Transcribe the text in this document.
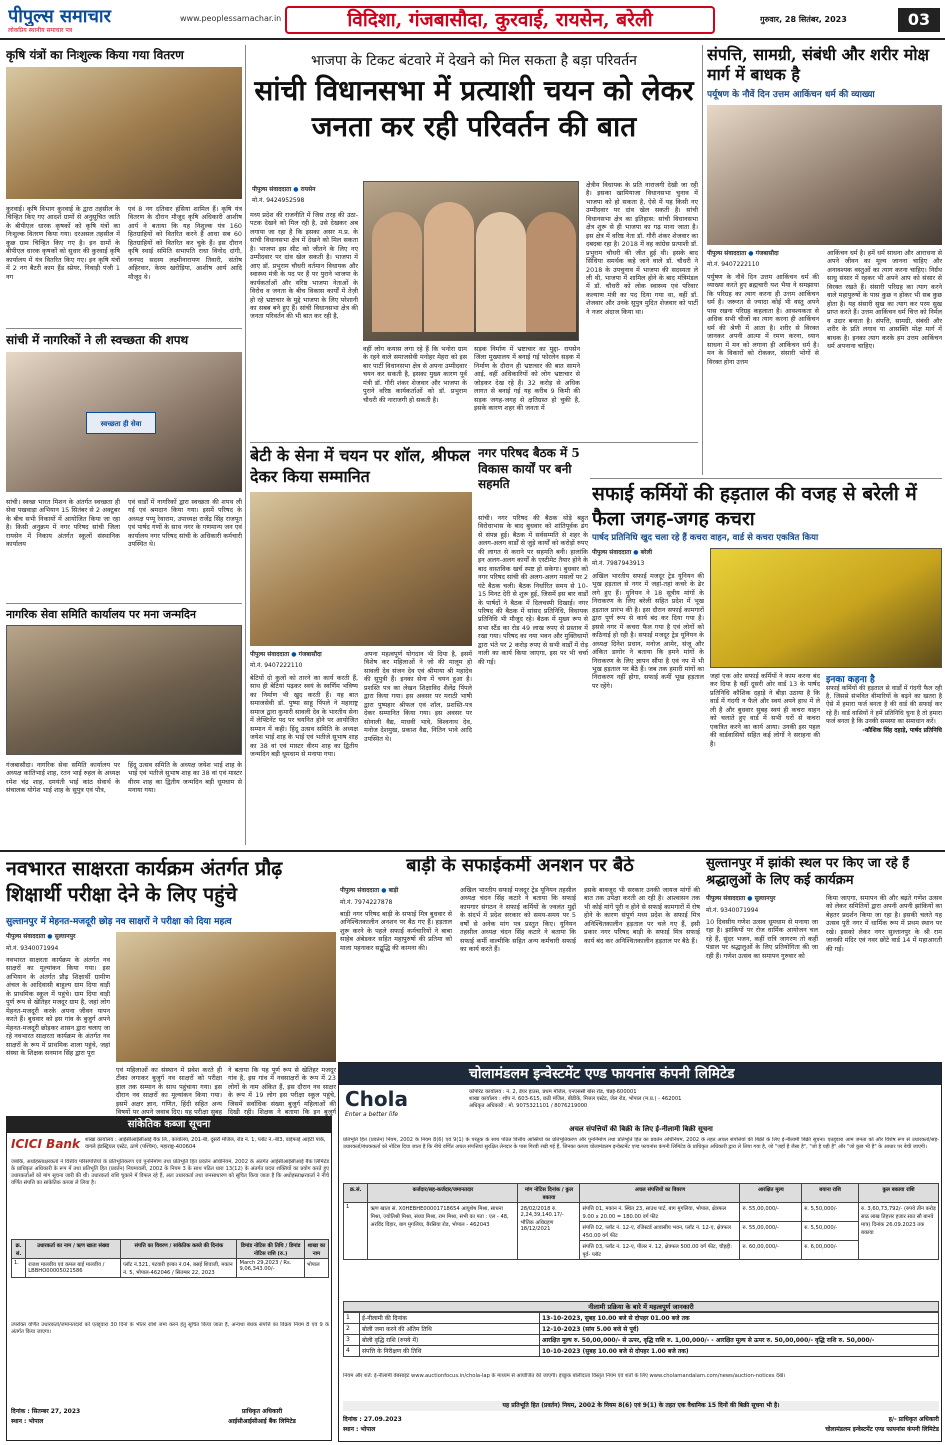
पीपुल्स समाचार
लोकप्रिय स्थानीय समाचार पत्र
www.peoplessamachar.in	विदिशा, गंजबासौदा, कुरवाई, रायसेन, बरेली	गुरुवार, 28 सितंबर, 2023	03
कृषि यंत्रों का निःशुल्क किया गया वितरण
कुरवाई। कृषि विभाग कुरवाई के द्वारा तहसील के चिन्हित किए गए आदर्श ग्रामों से अनुसूचित जाति के बीपीएल धारक कृषकों को कृषि यंत्रों का निःशुल्क वितरण किया गया। दरअसल तहसील में कुछ ग्राम चिन्हित किए गए है। इन ग्रामों के बीपीएल धारक कृषकों को सुधार की कुरवाई कृषि कार्यालय में यंत्र वितरित किए गए। इन कृषि यंत्रों में 2 नग बैटरी काम हैंड स्प्रेयर, निवाड़ी पंजी 1 नग
एवं 8 नग दतिवार हंसिया शामिल हैं। कृषि यंत्र वितरण के दौरान मौजूद कृषि अधिकारी आशीष आर्य ने बताया कि यह निशुल्क यंत्र 160 हितग्राहियों को वितरित करने हैं आधा सब 60 हितग्राहियों को वितरित कर चुके हैं। इस दौरान कृषि स्थाई समिति सभापति राधा विनोद दांगी, जनपद सदस्य लक्ष्मीनारायण तिवारी, संतोष अहिरवार, केरम खरोड़िया, आशीष आर्य आदि मौजूद थे।
सांची में नागरिकों ने ली स्वच्छता की शपथ
स्वच्छता ही सेवा
सांची। स्वच्छ भारत मिशन के अंतर्गत स्वच्छता ही सेवा पखवाड़ा अभियान 15 सितंबर से 2 अक्टूबर के बीच सभी निकायों में आयोजित किया जा रहा है। किसी अनुक्रम में नगर परिषद सांची जिला रायसेन में निकाय अंतर्गत स्कूलों संस्थानिक कार्यालय
एवं वार्डों में नागरिकों द्वारा स्वच्छता की शपथ ली गई एवं श्रमदान किया गया। इसमें परिषद के अध्यक्ष पप्पू रेवाराम, उपाध्यक्ष राजेंद्र सिंह राजपूत एवं पार्षद गणों के साथ नगर के गणमान्य जन एवं कार्यालय नगर परिषद सांची के अधिकारी कर्मचारी उपस्थित थे।
नागरिक सेवा समिति कार्यालय पर मना जन्मदिन
गंजबासौदा। नागरिक सेवा समिति कार्यालय पर अध्यक्ष कांतिभाई शाह, रतन भाई रुहल के अध्यक्ष रमेश चंद्र शाह, दमयंती भाई कांठ सेवार्थ के संचालक योगेश भाई शाह के सुपुत्र एवं पौत्र,
हिंदू उत्सव समिति के अध्यक्ष जयेश भाई शाह के भाई एवं भतीजे सुभाष शाह का 38 वां एवं मास्टर वीरम शाह का द्वितीय जन्मदिन बड़ी धूमधाम से मनाया गया।
भाजपा के टिकट बंटवारे में देखने को मिल सकता है बड़ा परिवर्तन
सांची विधानसभा में प्रत्याशी चयन को लेकर जनता कर रही परिवर्तन की बात
पीपुल्स संवाददाता ● रायसेन
मो.नं. 9424952598
मध्य प्रदेश की राजनीति में जिस तरह की उठा-पटक देखने को मिल रही है, उसे देखकर अब लगाया जा रहा है कि इसका असर म.प्र. के सांची विधानसभा क्षेत्र में देखने को मिल सकता है। भाजपा इस सीट को जीतने के लिए नए उम्मीदवार पर दांव खेल सकती है। भाजपा में आए डॉ. प्रभुराम चौधरी वर्तमान विधायक और स्वास्थ्य मंत्री के पद पर हैं पर पुराने भाजपा के कार्यकर्ताओं और वरिष्ठ भाजपा नेताओं के विरोध व जनता के बीच विकास कार्यों में तेज़ी हो रहे भ्रष्टाचार के मुद्दे भाजपा के लिए परेशानी का सबब बने हुए हैं। सांची विधानसभा क्षेत्र की जनता परिवर्तन की भी बात कर रही है,
वहीं लोग कयास लगा रहे हैं कि भनोरा ग्राम के रहने वाले समाजसेवी मनोहर मेहरा को इस बार पार्टी विधानसभा क्षेत्र से अपना उम्मीदवार चयन कर सकती है, इसका मुख्य कारण पूर्व मंत्री डॉ. गौरी शंकर शेजवार और भाजपा के पुराने वरिष्ठ कार्यकर्ताओं को डॉ. प्रभुराम चौधरी की नाराजगी हो सकती है।
सड़क निर्माण में भ्रष्टाचार का मुद्दा- रायसेन जिला मुख्यालय में बनाई गई फोरलेन सड़क में निर्माण के दौरान ही भ्रष्टाचार की बात सामने आई, वहीं अधिकारियों को लोग भ्रष्टाचार से जोड़कर देख रहे हैं। 32 करोड़ से अधिक लागत से बनाई गई यह करीब 9 किमी की सड़क जगह-जगह से क्षतिग्रस्त हो चुकी है, इसके कारण शहर की जनता में
क्षेत्रीय विधायक के प्रति नाराजगी देखी जा रही है। इसका खामियाजा विधानसभा चुनाव में भाजपा को हो सकता है, ऐसे में यह किसी नए उम्मीदवार पर दांव खेल सकती है। सांची विधानसभा क्षेत्र का इतिहास: सांची विधानसभा क्षेत्र शुरू से ही भाजपा का गढ़ माना जाता है। इस क्षेत्र में वरिष्ठ नेता डॉ. गौरी शंकर शेजवार का दबदबा रहा है। 2018 में वह कांग्रेस प्रत्याशी डॉ. प्रभुराम चौधरी की जीत हुई थी। इसके बाद सिंधिया समर्थक कहे जाने वाले डॉ. चौधरी ने 2018 के उपचुनाव में भाजपा की सदस्यता ले ली थी, भाजपा में शामिल होने के बाद मंत्रिमंडल में डॉ. चौधरी को लोक स्वास्थ्य एवं परिवार कल्याण मंत्री का पद दिया गया था, वहीं डॉ. शेजवार और उनके सुपुत्र मुदित शेजवार को पार्टी ने नजर अंदाज किया था।
बेटी के सेना में चयन पर शॉल, श्रीफल देकर किया सम्मानित
पीपुल्स संवाददाता ● गंजबासौदा
मो.नं. 9407222110
बेटियों दो कुलों को तारने का कार्य करती हैं, साथ ही बेटियां पढ़कर स्वयं के स्वर्णिम भविष्य का निर्माण भी खुद करती हैं। यह बात समाजसेवी डॉ. पुष्पा साहू पिंपले ने महाराष्ट्र समाज द्वारा कुमारी सावली देव के भारतीय सेना में लेफ्टिनेंट पद पर चयनित होने पर आयोजित सम्मान में कही। हिंदू उत्सव समिति के अध्यक्ष जयेश भाई शाह के भाई एवं भतीजे सुभाष शाह का 38 वां एवं मास्टर वीरम शाह का द्वितीय जन्मदिन बड़ी धूमधाम से मनाया गया।
अपना महत्वपूर्ण योगदान भी दिया है, इसमें विशेष कर महिलाओं ने जो की मालूम हो सावली देव संजन देव एवं श्रीमाया श्री महादेव की सुपुत्री हैं। इनका सेना में चयन हुआ है। प्रशस्ति पत्र का लेखन शिक्षाविद शैलेंद्र पिंपले द्वारा किया गया। इस अवसर पर मराठी भाषी द्वारा पुष्पहार श्रीफल एवं शॉल, प्रशस्ति-पत्र देकर सम्मानित किया गया। इस अवसर पर सोनाली वैद्य, माधवी भावे, विश्वनाथ देव, मनोज देशमुख, प्रकाश वैद्य, नितिन भावे आदि उपस्थित थे।
नगर परिषद बैठक में 5 विकास कार्यों पर बनी सहमति
सांची। नगर परिषद की बैठक थोड़े बहुत विरोधाभास के बाद बुधवार को शांतिपूर्वक ढंग से संपन्न हुई। बैठक में सर्वसम्मति से शहर के अलग-अलग वार्डों से जुड़े कार्यों को करोड़ों रुपए की लागत से कराने पर सहमति बनी। हालांकि इन अलग-अलग कार्यों के एस्टीमेट तैयार होने के बाद वास्तविक खर्च स्पष्ट हो सकेगा। बुधवार को नगर परिषद सांची की अलग-अलग मसलों पर 2 घंटे बैठक चली। बैठक निर्धारित समय से 10-15 मिनट देरी से शुरू हुई, जिसमें इस बार वार्डों के पार्षदों ने बैठक में दिलचस्पी दिखाई। नगर परिषद की बैठक में सांसद प्रतिनिधि, विधायक प्रतिनिधि भी मौजूद रहे। बैठक में मुख्य रूप से सभा स्टैंड का रोड 49 लाख रुपए से प्रस्ताव में रखा गया। परिषद का नया भवन और मुक्तिधामों द्वारा भंते पर 2 करोड़ रुपए से सभी वार्डों में रोड़ नाली का कार्य किया जाएगा, इस पर भी चर्चा की गई।
संपत्ति, सामग्री, संबंधी और शरीर मोक्ष मार्ग में बाधक है
पर्यूषण के नौवें दिन उत्तम आकिंचन धर्म की व्याख्या
पीपुल्स संवाददाता ● गंजबासौदा
मो.नं. 9407222110
पर्युषण के नौवें दिन उत्तम आकिंचन धर्म की व्याख्या करते हुए ब्रह्मचारी यश भैया ने समझाया कि परिग्रह का त्याग करना ही उत्तम आकिंचन धर्म है। जरूरत से ज्यादा कोई भी वस्तु अपने पास रखना परिग्रह कहलाता है। आवश्यकता से अधिक सभी चीजों का त्याग करना ही आकिंचन धर्म की श्रेणी में आता है। शरीर से विरक्त जानकर अपनी आत्मा में रमण करना, ध्यान साधना में मन को लगाना ही आकिंचन धर्म है। मन के विकारों को रोककर, संसारी भोगों से विरक्त होना उत्तम
आकिंचन धर्म है। हमें धर्म साधना और आराधना से अपने जीवन का मूल्य जानना चाहिए और अनावश्यक वस्तुओं का त्याग करना चाहिए। निर्ग्रंथ साधु संसार में रहकर भी अपने आप को संसार से विरक्त रखते हैं। संसारी परिग्रह का त्याग करने वाले महापुरुषों के पास कुछ न होकर भी सब कुछ होता है। यह संसारी सुख का त्याग कर परम सुख प्राप्त करते हैं। उत्तम आकिंचन धर्म चित्त को निर्मल व उदार बनाता है। संपत्ति, सामग्री, संबंधी और शरीर के प्रति लगाव या आसक्ति मोक्ष मार्ग में बाधक है। इनका त्याग करके हम उत्तम आकिंचन धर्म अपनाना चाहिए।
सफाई कर्मियों की हड़ताल की वजह से बरेली में फैला जगह-जगह कचरा
पार्षद प्रतिनिधि खुद चला रहे हैं कचरा वाहन, वार्ड से कचरा एकत्रित किया
पीपुल्स संवाददाता ● बरेली
मो.नं. 7987943913
अखिल भारतीय सफाई मजदूर ट्रेड यूनियन की भूख हड़ताल से नगर में जहां-तहां कचरे के ढेर लगे हुए हैं। यूनियन ने 18 सूत्रीय मांगों के निराकरण के लिए बरेली सहित प्रदेश में भूख हड़ताल प्रारंभ की है। इस दौरान सफाई कामगारों द्वारा पूर्ण रूप से कार्य बंद कर दिया गया है। इससे नगर में कचरा फैल गया है एवं लोगों को कठिनाई हो रही है। सफाई मजदूर ट्रेड यूनियन के अध्यक्ष दिनेश प्रधान, मनोज आमेर, संजू और अंकित डागोर ने बताया कि हमने मांगों के निराकरण के लिए ज्ञापन सौंपा है एवं नप में भी भूख हड़ताल पर बैठे हैं। जब तक हमारी मांगों का निराकरण नहीं होगा, सफाई कर्मी भूख हड़ताल पर रहेंगे।
जहां एक ओर सफाई कर्मियों ने काम करना बंद कर दिया है वहीं दूसरी ओर वार्ड 13 के पार्षद प्रतिनिधि कौशिक दहाड़े ने बीड़ा उठाया है कि वार्ड में गंदगी न फैले और स्वयं अपने हाथ में ले ली है और बुधवार सुबह स्वयं ही कचरा वाहन को चलाते हुए वार्ड में सभी घरों से कचरा एकत्रित करने का कार्य आया। उनकी इस पहल की वार्डवासियों सहित कई लोगों ने सराहना की है।
इनका कहना है
सफाई कर्मियों की हड़ताल से वार्डों में गंदगी फैल रही है, जिससे संभवित बीमारियों के बढ़ने का खतरा है ऐसे में हमारा फर्ज बनता है की वार्ड की सफाई कर रहे हैं। वार्ड वासियों ने हमें प्रतिनिधि चुना है तो हमारा फर्ज बनता है कि उनकी समस्या का समाधान करें।
-कौशिक सिंह दहाड़े, पार्षद प्रतिनिधि
नवभारत साक्षरता कार्यक्रम अंतर्गत प्रौढ़ शिक्षार्थी परीक्षा देने के लिए पहुंचे
सुल्तानपुर में मेहनत-मजदूरी छोड़ नव साक्षरों ने परीक्षा को दिया महत्व
पीपुल्स संवाददाता ● सुल्तानपुर
मो.नं. 9340071994
नवभारत साक्षरता कार्यक्रम के अंतर्गत नव साक्षरों का मूल्यांकन किया गया। इस अभियान के अंतर्गत प्रौढ़ शिक्षार्थी ग्रामीण अंचल के आदिवासी बाहुल्य ग्राम दिया वाड़ी के प्राथमिक स्कूल में पहुंचे। ग्राम दिया वाड़ी पूर्ण रूप से खेतिहर मजदूर ग्राम है, जहां लोग मेहनत-मजदूरी करके अपना जीवन यापन करते हैं। बुधवार को इस गांव के बुजुर्ग अपने मेहनत-मजदूरी छोड़कर शासन द्वारा चलाए जा रहे नवभारत साक्षरता कार्यक्रम के अंतर्गत नव साक्षरों के रूप में प्राथमिक शाला पहुंचे, जहां संस्था के शिक्षक सनमान सिंह द्वारा पूरा
एवं महिलाओं का संस्थान में प्रवेश करते ही टीका लगाकर बुजुर्ग नव साक्षरों को परीक्षा हाल तक सम्मान के साथ पहुंचाया गया। इस दौरान नव साक्षरों का मूल्यांकन किया गया। इसमें अक्षर ज्ञान, गणित, हिंदी सहित अन्य विषयों पर अपने जवाब दिए। यह परीक्षा सुबह
ने बताया कि यह पूर्ण रूप से खेतिहर मजदूर गांव है, इस गांव में नवसाक्षरों के रूप में 23 लोगों के नाम अंकित हैं, इस दौरान नव साक्षर के रूप में 19 लोग इस परीक्षा स्कूल पहुंचे, जिसमें सर्वाधिक संख्या बुजुर्ग महिलाओं की दिखी रही। शिक्षक ने बताया कि इन बुजुर्ग
बाड़ी के सफाईकर्मी अनशन पर बैठे
पीपुल्स संवाददाता ● बाड़ी
मो.नं. 7974227878
बाड़ी नगर परिषद बाड़ी के सफाई मित्र बुधवार से अनिश्चितकालीन अनशन पर बैठ गए हैं। हड़ताल शुरू करने के पहले सफाई कर्मचारियों ने बाबा साहेब अंबेडकर सहित महापुरुषों की प्रतिमा को माला पहनाकर सद्बुद्धि की कामना की।
अखिल भारतीय सफाई मजदूर ट्रेड यूनियन तहसील अध्यक्ष चंदन सिंह कटारे ने बताया कि सफाई कामगार संगठन ने सफाई कर्मियों के ज्वलंत मुद्दों के संदर्भ में प्रदेश सरकार को समय-समय पर 5 वर्षों से अनेक मांग पत्र प्रस्तुत किए। यूनियन तहसील अध्यक्ष चंदन सिंह कटारे ने बताया कि सफाई कर्मी वाल्मीकि सहित अन्य कर्मचारी सफाई का कार्य करते हैं।
इसके बावजूद भी सरकार उनकी जायज मांगों की बात तक उपेक्षा करती आ रही है। आश्वासन तक भी कोई मांगें पूरी न होने से सफाई कामगारों में रोष होने के कारण संपूर्ण मध्य प्रदेश के सफाई मित्र अनिश्चितकालीन हड़ताल पर चले गए हैं, इसी प्रकार नगर परिषद बाड़ी के सफाई मित्र सफाई कार्य बंद कर अनिश्चितकालीन हड़ताल पर बैठे हैं।
सुल्तानपुर में झांकी स्थल पर किए जा रहे हैं श्रद्धालुओं के लिए कई कार्यक्रम
पीपुल्स संवाददाता ● सुल्तानपुर
मो.नं. 9340071994
10 दिवसीय गणेश उत्सव धूमधाम से मनाया जा रहा है। झांकियों पर रोज धार्मिक आयोजन चल रहे हैं, सुंदर भजन, कहीं रात्रि जागरण तो कहीं पंडाल पर श्रद्धालुओं के लिए प्रतियोगिता की जा रही हैं। गणेश उत्सव का समापन गुरुवार को
किया जाएगा, समापन की और बढ़ते गणेश उत्सव को लेकर समितियों द्वारा अपनी अपनी झांकियों का बेहतर प्रदर्शन किया जा रहा है। इसकी चलते यह उत्सव पूरी नगर में धार्मिक रूप में प्रथम स्थान पर रखे। इसको लेकर नगर सुल्तानपुर के श्री राम जानकी मंदिर एवं नवर छोटे वार्ड 14 में महाआरती की गई।
सांकेतिक कब्जा सूचना
ICICI Bank शाखा कार्यालय : आईसीआईसीआई बैंक लि., कार्यालय, 201-बी, दूसरी मंजिल, रोड नं. 1, प्लॉट नं.-बी3, वाईफाई आईटी पार्क, वागले इंडस्ट्रियल एस्टेट, ठाणे (पश्चिम), महाराष्ट्र-400604
जबकि, अधोहस्ताक्षरकर्ता ने वित्तीय परिसंपत्तियों के प्रतिभूतिकरण एवं पुनर्निर्माण तथा प्रतिभूति हित प्रवर्तन अधिनियम, 2002 के अंतर्गत आईसीआईसीआई बैंक लिमिटेड के प्राधिकृत अधिकारी के रूप में तथा प्रतिभूति हित (प्रवर्तन) नियमावली, 2002 के नियम 3 के साथ पठित धारा 13(12) के अंतर्गत प्रदत्त शक्तियों का प्रयोग करते हुए उधारकर्ताओं को मांग सूचना जारी की थी। उधारकर्ता राशि चुकाने में विफल रहे हैं, अतः उधारकर्ता तथा जनसाधारण को सूचित किया जाता है कि अधोहस्ताक्षरकर्ता ने नीचे वर्णित संपत्ति का सांकेतिक कब्जा ले लिया है।
क्र. सं.	उधारकर्ता का नाम / ऋण खाता संख्या	संपत्ति का विवरण / सांकेतिक कब्जे की दिनांक	डिमांड नोटिस की तिथि / डिमांड नोटिस राशि (रु.)	शाखा का नाम
1.	राजश मालवीय एवं कमल बाई मालवीय / LBBHO00005021586	प्लॉट नं.321, पटवारी हल्का नं.04, बसई शिवाजी, मकान नं. 5, भोपाल-462046 / सितम्बर 22, 2023	March 29,2023 / Rs. 9,06,343.00/-	भोपाल
उपरोक्त वर्णित उधारकर्ता/जमानतदारों को एतद्द्वारा 30 दिनों के भीतर राशि जमा करने हेतु सूचित किया जाता है, अन्यथा बंधक संपत्ति का विक्रय नियम 8 एवं 9 के अंतर्गत किया जाएगा।
दिनांक : सितम्बर 27, 2023
स्थान : भोपाल
प्राधिकृत अधिकारी
आईसीआईसीआई बैंक लिमिटेड
चोलामंडलम इन्वेस्टमेंट एण्ड फायनांस कंपनी लिमिटेड
Chola
Enter a better life
कॉर्पोरेट कार्यालय : नं. 2, डेयर हाउस, प्रथम मंजिल, एनएससी बोस रोड, चेन्नई-600001
शाखा कार्यालय : शॉप नं. 603-615, छठी मंजिल, बीडीके, मित्तल एस्टेट, जेल रोड, भोपाल (म.प्र.) - 462001
अधिकृत अधिकारी : मो. 9075321101 / 8076219000
अचल संपत्तियों की बिक्री के लिए ई-नीलामी बिक्री सूचना
प्रतिभूति हित (प्रवर्तन) नियम, 2002 के नियम 8(6) एवं 9(1) के परंतुक के साथ पठित वित्तीय आस्तियों का प्रतिभूतिकरण और पुनर्निर्माण तथा प्रतिभूति हित का प्रवर्तन अधिनियम, 2002 के तहत अचल संपत्तियों की बिक्री के लिए ई-नीलामी बिक्री सूचना। एतद्द्वारा आम जनता को और विशेष रूप से उधारकर्ता/सह-उधारकर्ता/बंधककर्ता को नोटिस दिया जाता है कि नीचे वर्णित अचल संपत्तियां सुरक्षित लेनदार के पास गिरवी रखी गई हैं, जिनका कब्जा चोलामंडलम इन्वेस्टमेंट एण्ड फायनांस कंपनी लिमिटेड के प्राधिकृत अधिकारी द्वारा ले लिया गया है, जो "जहाँ है जैसा है", "जो है यही है" और "जो कुछ भी है" के आधार पर बेची जाएगी।
क्र.सं.	कर्जदार/सह-कर्जदार/जमानतदार	मांग नोटिस दिनांक / कुल बकाया	अचल संपत्तियों का विवरण	आरक्षित मूल्य	बयाना राशि	कुल बकाया राशि
1	ऋण खाता सं. X0HEBHE00001718654 आयुशेष मिश्रा, साधना मिश्रा, ज्योतिश्री मिश्रा, संध्या मिश्रा, राम मिश्रा, सभी का पता : एल - 48, अरविंद विहार, बाग मुगलिया, बैरसिया रोड, भोपाल - 462043	28/02/2018 रु. 2,24,39,140.17/- भौतिक अधिग्रहण 18/12/2021	संपत्ति 01, मकान नं. स्थित 23, साउथ पार्ट, बाग मुगलिया, भोपाल, क्षेत्रफल 9.00 x 20.00 = 180.00 वर्ग फीट	रु. 55,00,000/-	रु. 5,50,000/-	रु. 3,60,73,792/- (रुपये तीन करोड़ साठ लाख तिहत्तर हजार सात सौ बानवे मात्र) दिनांक 26.09.2023 तक बकाया
			संपत्ति 02, प्लॉट नं. 12-ए, रजिस्टर्ड आवासीय भवन, प्लॉट नं. 12-ए, क्षेत्रफल 450.00 वर्ग फीट	रु. 55,00,000/-	रु. 5,50,000/-	
			संपत्ति 03, प्लॉट नं. 12-ए, पीलर नं. 12, क्षेत्रफल 500.00 वर्ग फीट, चौहद्दी: पूर्व- प्लॉट	रु. 60,00,000/-	रु. 6,00,000/-	
नीलामी प्रक्रिया के बारे में महत्वपूर्ण जानकारी
1	ई-नीलामी की दिनांक	13-10-2023, सुबह 10.00 बजे से दोपहर 01.00 बजे तक
2	बोली जमा करने की अंतिम तिथि	12-10-2023 (सांय 5.00 बजे से पूर्व)
3	बोली वृद्धि राशि (रुपये में)	आरक्षित मूल्य रु. 50,00,000/- से ऊपर, वृद्धि राशि रु. 1,00,000/- - आरक्षित मूल्य से ऊपर रु. 50,00,000/- वृद्धि राशि रु. 50,000/-
4	संपत्ति के निरीक्षण की तिथि	10-10-2023 (सुबह 10.00 बजे से दोपहर 1.00 बजे तक)
नियम और शर्तें: ई-नीलामी वेबसाइट www.auctionfocus.in/chola-lap के माध्यम से आयोजित की जाएगी। इच्छुक बोलीदाता विस्तृत नियम एवं शर्तों के लिए www.cholamandalam.com/news/auction-notices देखें।
यह प्रतिभूति हित (प्रवर्तन) नियम, 2002 के नियम 8(6) एवं 9(1) के तहत एक वैधानिक 15 दिनों की बिक्री सूचना भी है।
दिनांक : 27.09.2023
स्थान : भोपाल
ह/- प्राधिकृत अधिकारी
चोलामंडलम इन्वेस्टमेंट एण्ड फायनांस कंपनी लिमिटेड
